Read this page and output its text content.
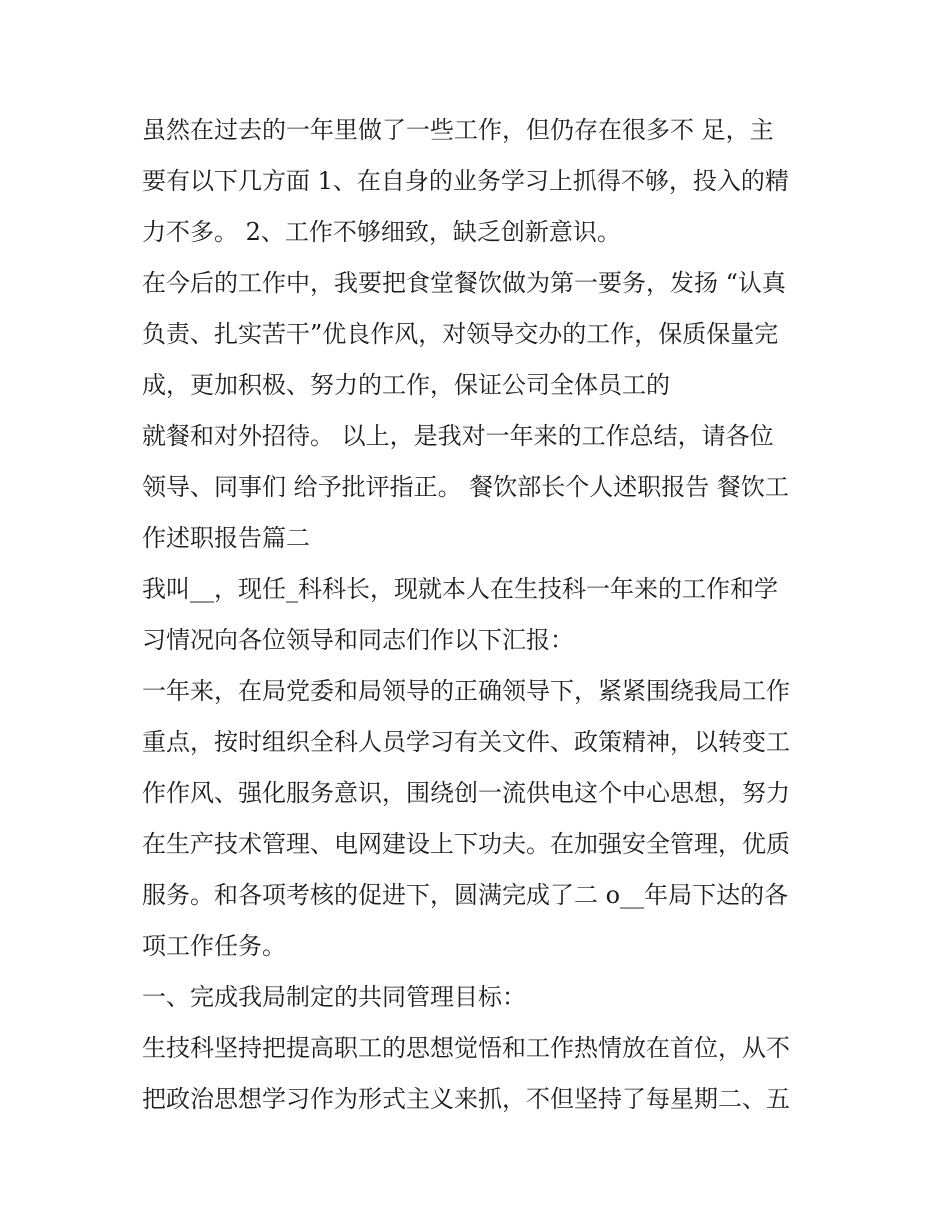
虽然在过去的一年里做了一些工作，但仍存在很多不 足，主
要有以下几方面 1、在自身的业务学习上抓得不够，投入的精
力不多。 2、工作不够细致，缺乏创新意识。
在今后的工作中，我要把食堂餐饮做为第一要务，发扬 “认真
负责、扎实苦干”优良作风，对领导交办的工作，保质保量完
成，更加积极、努力的工作，保证公司全体员工的
就餐和对外招待。 以上，是我对一年来的工作总结，请各位
领导、同事们 给予批评指正。 餐饮部长个人述职报告 餐饮工
作述职报告篇二
我叫__，现任_科科长，现就本人在生技科一年来的工作和学
习情况向各位领导和同志们作以下汇报：
一年来，在局党委和局领导的正确领导下，紧紧围绕我局工作
重点，按时组织全科人员学习有关文件、政策精神，以转变工
作作风、强化服务意识，围绕创一流供电这个中心思想，努力
在生产技术管理、电网建设上下功夫。在加强安全管理，优质
服务。和各项考核的促进下，圆满完成了二 o__年局下达的各
项工作任务。
一、完成我局制定的共同管理目标：
生技科坚持把提高职工的思想觉悟和工作热情放在首位，从不
把政治思想学习作为形式主义来抓，不但坚持了每星期二、五
